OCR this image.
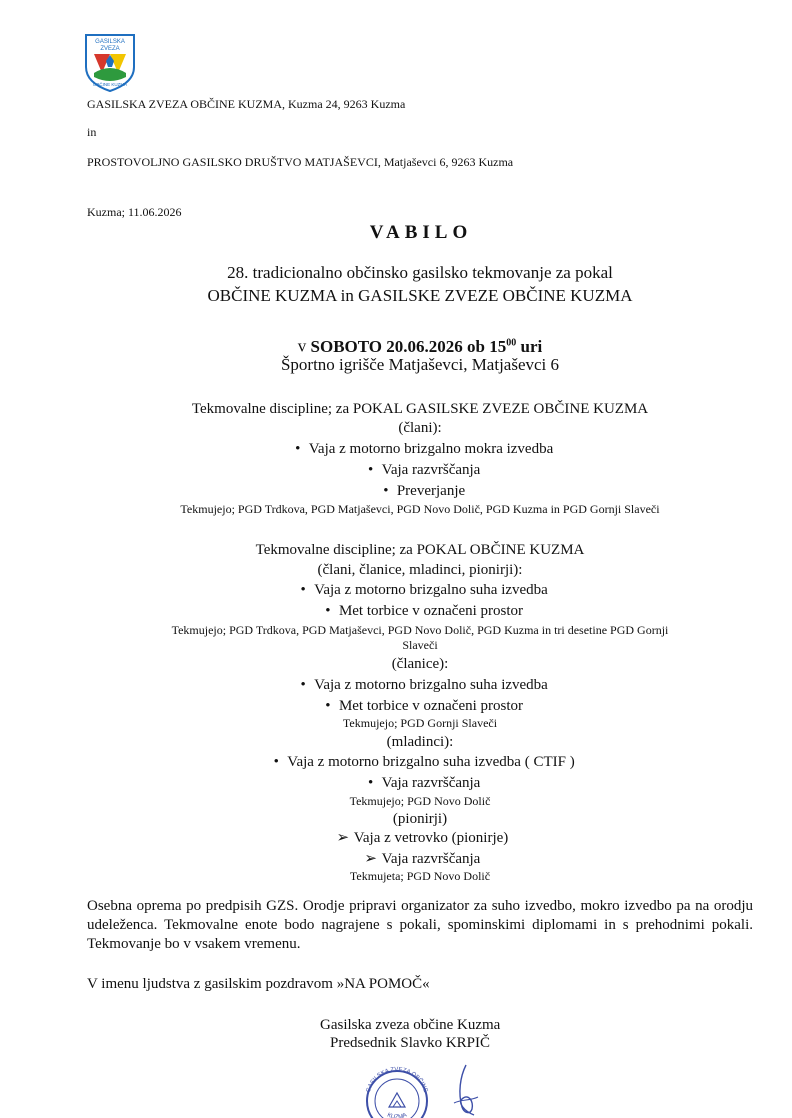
GASILSKA
ZVEZA
OBČINE KUZMA
GASILSKA ZVEZA OBČINE KUZMA, Kuzma 24, 9263 Kuzma
in
PROSTOVOLJNO GASILSKO DRUŠTVO MATJAŠEVCI, Matjaševci 6, 9263 Kuzma
Kuzma; 11.06.2026
VABILO
28. tradicionalno občinsko gasilsko tekmovanje za pokal
OBČINE KUZMA in GASILSKE ZVEZE OBČINE KUZMA
v SOBOTO 20.06.2026 ob $15^{00}$ uri
Športno igrišče Matjaševci, Matjaševci 6
Tekmovalne discipline; za POKAL GASILSKE ZVEZE OBČINE KUZMA
(člani):
• Vaja z motorno brizgalno mokra izvedba
• Vaja razvrščanja
• Preverjanje
Tekmujejo; PGD Trdkova, PGD Matjaševci, PGD Novo Dolič, PGD Kuzma in PGD Gornji Slaveči
Tekmovalne discipline; za POKAL OBČINE KUZMA
(člani, članice, mladinci, pionirji):
• Vaja z motorno brizgalno suha izvedba
• Met torbice v označeni prostor
Tekmujejo; PGD Trdkova, PGD Matjaševci, PGD Novo Dolič, PGD Kuzma in tri desetine PGD Gornji
Slaveči
(članice):
• Vaja z motorno brizgalno suha izvedba
• Met torbice v označeni prostor
Tekmujejo; PGD Gornji Slaveči
(mladinci):
• Vaja z motorno brizgalno suha izvedba ( CTIF )
• Vaja razvrščanja
Tekmujejo; PGD Novo Dolič
(pionirji)
➢ Vaja z vetrovko (pionirje)
➢ Vaja razvrščanja
Tekmujeta; PGD Novo Dolič
Osebna oprema po predpisih GZS. Orodje pripravi organizator za suho izvedbo, mokro izvedbo pa na orodju udeleženca. Tekmovalne enote bodo nagrajene s pokali, spominskimi diplomami in s prehodnimi pokali. Tekmovanje bo v vsakem vremenu.
V imenu ljudstva z gasilskim pozdravom »NA POMOČ«
Gasilska zveza občine Kuzma
Predsednik Slavko KRPIČ
GASILSKA ZVEZA OBČINE
KUZMA
